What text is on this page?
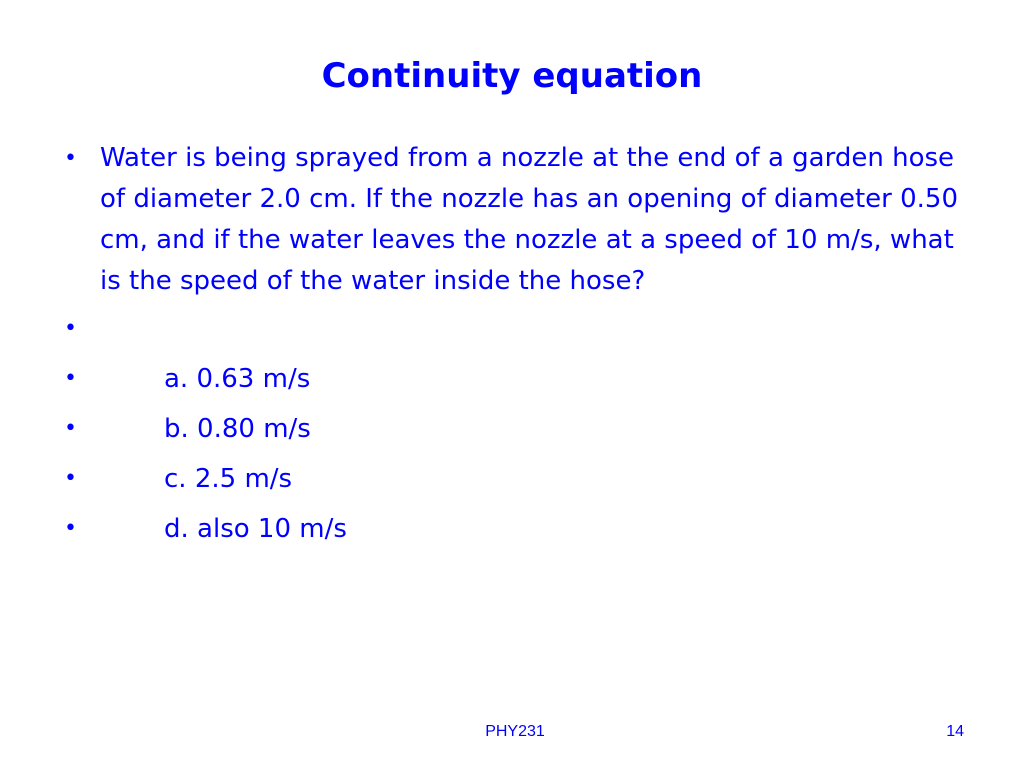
Continuity equation
• Water is being sprayed from a nozzle at the end of a garden hose of diameter 2.0 cm. If the nozzle has an opening of diameter 0.50 cm, and if the water leaves the nozzle at a speed of 10 m/s, what is the speed of the water inside the hose?
•
•	a. 0.63 m/s
•	b. 0.80 m/s
•	c. 2.5 m/s
•	d. also 10 m/s
PHY231	14
